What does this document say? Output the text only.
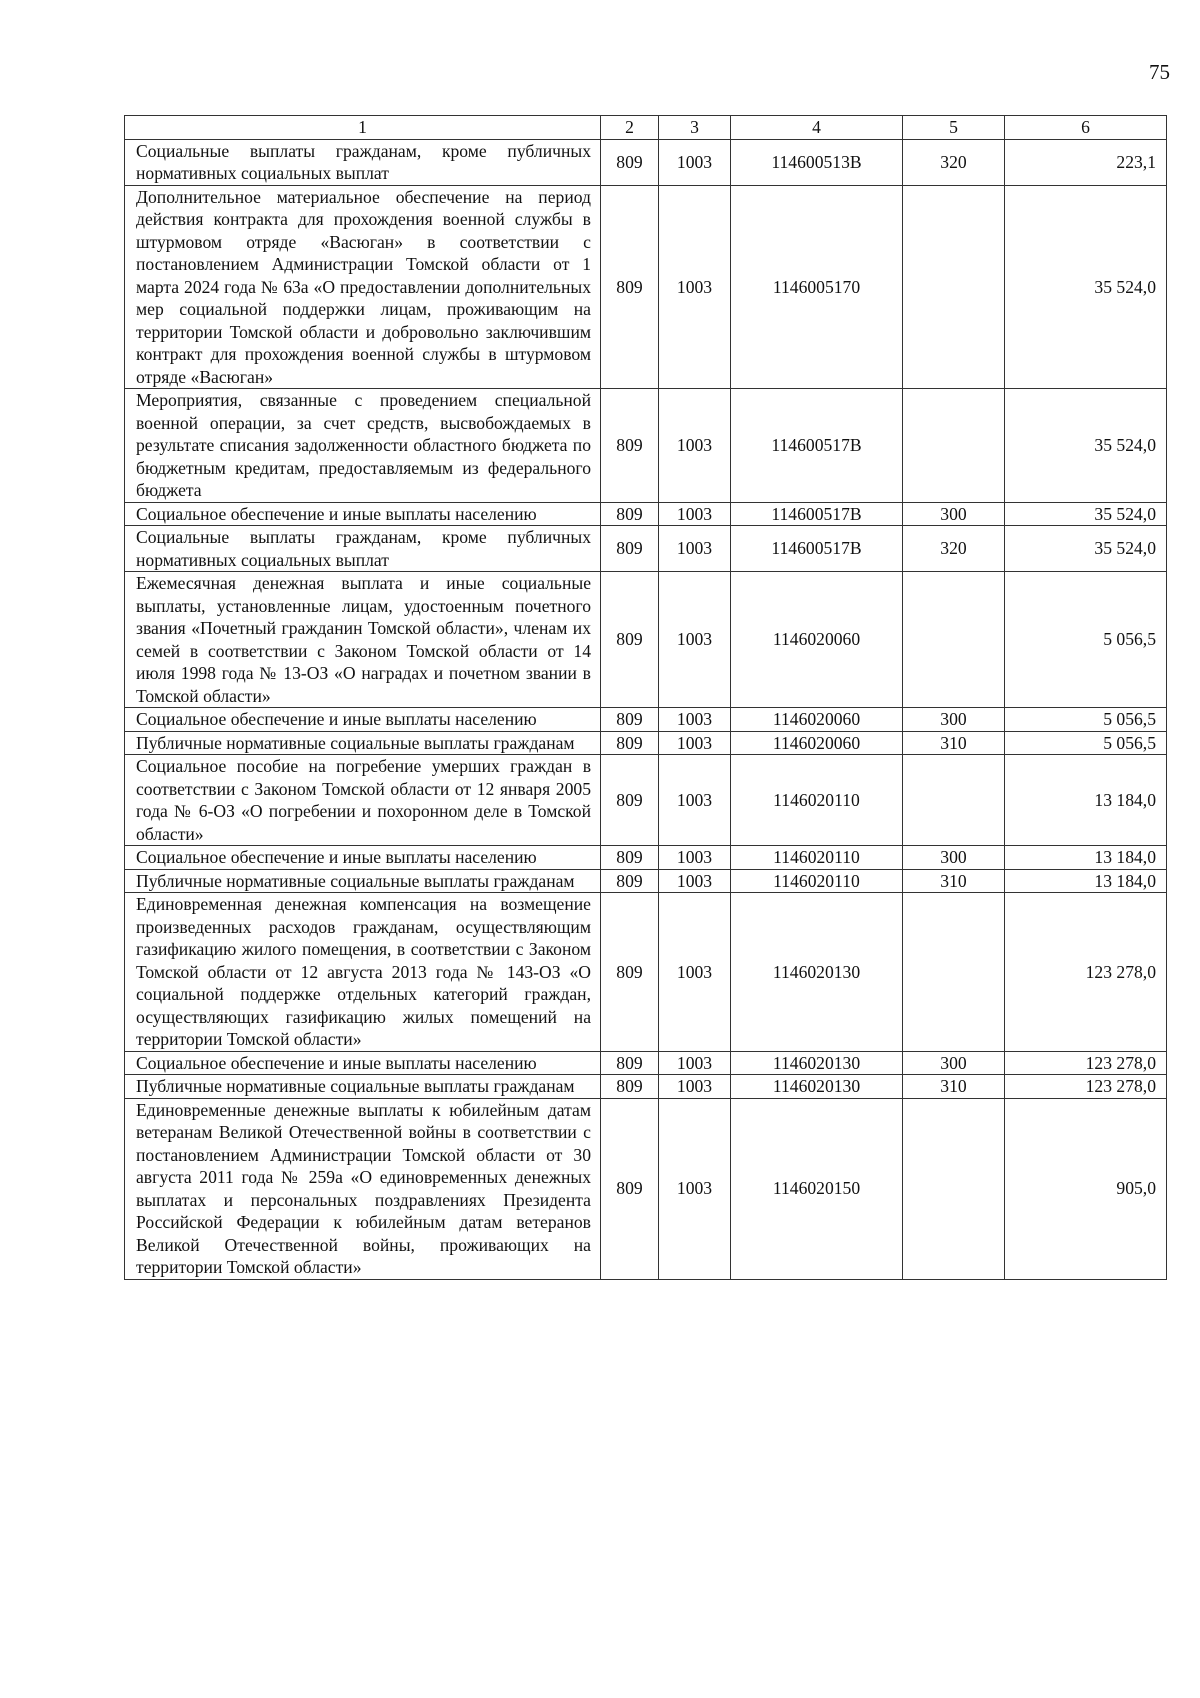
75
1	2	3	4	5	6
Социальные выплаты гражданам, кроме публичных нормативных социальных выплат	809	1003	114600513В	320	223,1
Дополнительное материальное обеспечение на период действия контракта для прохождения военной службы в штурмовом отряде «Васюган» в соответствии с постановлением Администрации Томской области от 1 марта 2024 года № 63а «О предоставлении дополнительных мер социальной поддержки лицам, проживающим на территории Томской области и добровольно заключившим контракт для прохождения военной службы в штурмовом отряде «Васюган»	809	1003	1146005170		35 524,0
Мероприятия, связанные с проведением специальной военной операции, за счет средств, высвобождаемых в результате списания задолженности областного бюджета по бюджетным кредитам, предоставляемым из федерального бюджета	809	1003	114600517В		35 524,0
Социальное обеспечение и иные выплаты населению	809	1003	114600517В	300	35 524,0
Социальные выплаты гражданам, кроме публичных нормативных социальных выплат	809	1003	114600517В	320	35 524,0
Ежемесячная денежная выплата и иные социальные выплаты, установленные лицам, удостоенным почетного звания «Почетный гражданин Томской области», членам их семей в соответствии с Законом Томской области от 14 июля 1998 года № 13-ОЗ «О наградах и почетном звании в Томской области»	809	1003	1146020060		5 056,5
Социальное обеспечение и иные выплаты населению	809	1003	1146020060	300	5 056,5
Публичные нормативные социальные выплаты гражданам	809	1003	1146020060	310	5 056,5
Социальное пособие на погребение умерших граждан в соответствии с Законом Томской области от 12 января 2005 года № 6-ОЗ «О погребении и похоронном деле в Томской области»	809	1003	1146020110		13 184,0
Социальное обеспечение и иные выплаты населению	809	1003	1146020110	300	13 184,0
Публичные нормативные социальные выплаты гражданам	809	1003	1146020110	310	13 184,0
Единовременная денежная компенсация на возмещение произведенных расходов гражданам, осуществляющим газификацию жилого помещения, в соответствии с Законом Томской области от 12 августа 2013 года № 143-ОЗ «О социальной поддержке отдельных категорий граждан, осуществляющих газификацию жилых помещений на территории Томской области»	809	1003	1146020130		123 278,0
Социальное обеспечение и иные выплаты населению	809	1003	1146020130	300	123 278,0
Публичные нормативные социальные выплаты гражданам	809	1003	1146020130	310	123 278,0
Единовременные денежные выплаты к юбилейным датам ветеранам Великой Отечественной войны в соответствии с постановлением Администрации Томской области от 30 августа 2011 года № 259а «О единовременных денежных выплатах и персональных поздравлениях Президента Российской Федерации к юбилейным датам ветеранов Великой Отечественной войны, проживающих на территории Томской области»	809	1003	1146020150		905,0
